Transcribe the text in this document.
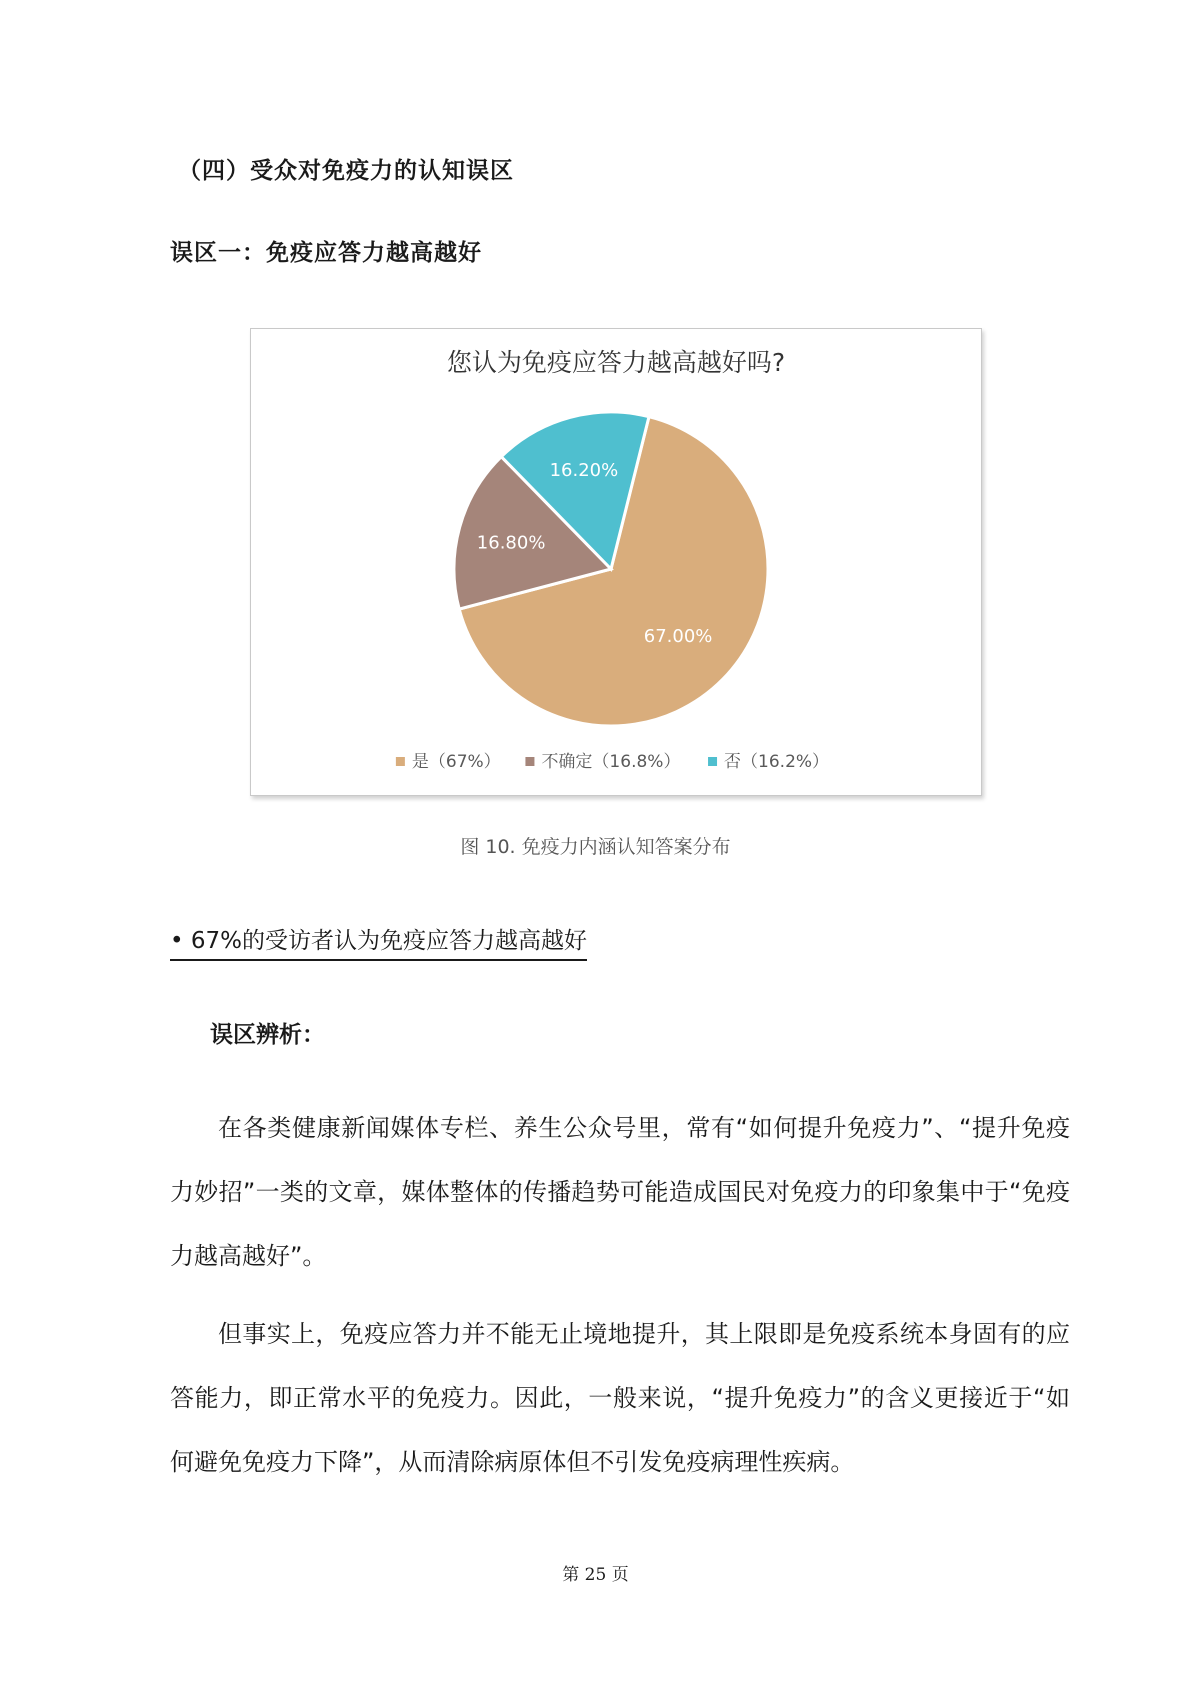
（四）受众对免疫力的认知误区
误区一：免疫应答力越高越好
您认为免疫应答力越高越好吗?
67.00%
16.80%
16.20%
是（67%） 不确定（16.8%）	否（16.2%）
图 10. 免疫力内涵认知答案分布
• 67%的受访者认为免疫应答力越高越好
误区辨析：

在各类健康新闻媒体专栏、养生公众号里，常有“如何提升免疫力”、“提升免疫力妙招”一类的文章，媒体整体的传播趋势可能造成国民对免疫力的印象集中于“免疫力越高越好”。

但事实上，免疫应答力并不能无止境地提升，其上限即是免疫系统本身固有的应答能力，即正常水平的免疫力。因此，一般来说，“提升免疫力”的含义更接近于“如何避免免疫力下降”，从而清除病原体但不引发免疫病理性疾病。

第 25 页
